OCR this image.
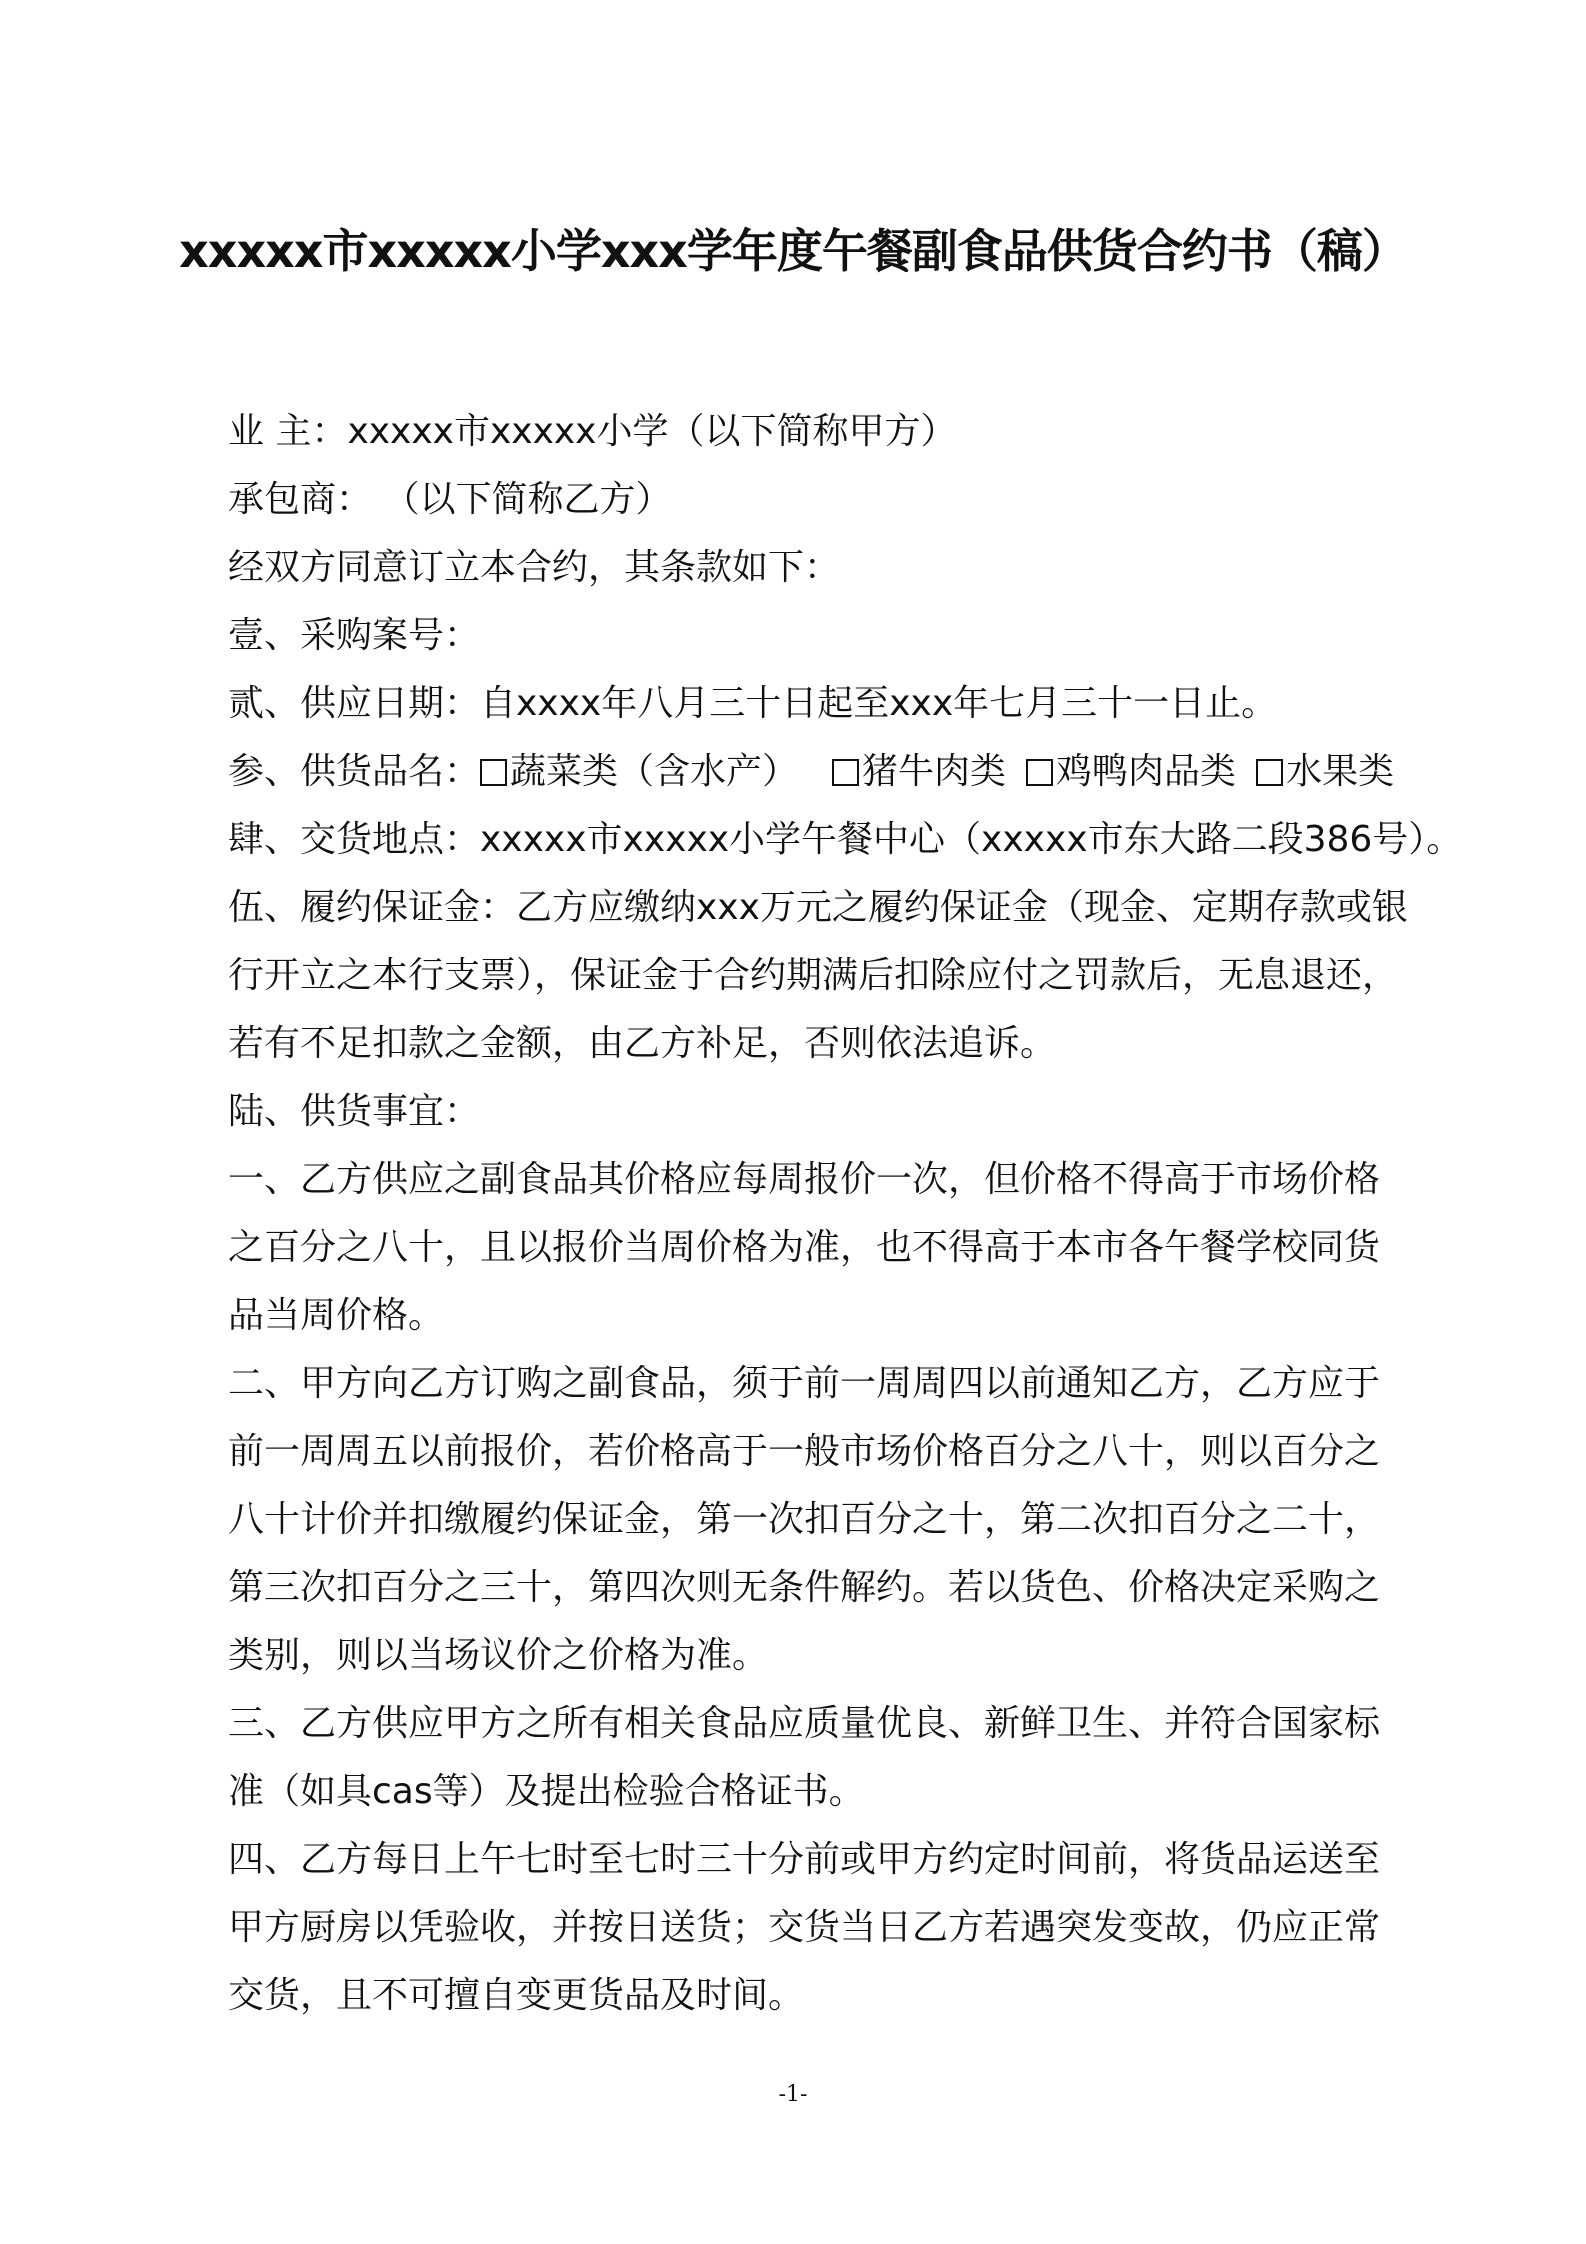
xxxxx市xxxxx小学xxx学年度午餐副食品供货合约书（稿）
业 主：xxxxx市xxxxx小学（以下简称甲方）
承包商： （以下简称乙方）
经双方同意订立本合约，其条款如下：
壹、采购案号：
贰、供应日期：自xxxx年八月三十日起至xxx年七月三十一日止。
参、供货品名： 蔬菜类（含水产） 猪牛肉类 鸡鸭肉品类 水果类
肆、交货地点：xxxxx市xxxxx小学午餐中心（xxxxx市东大路二段386号）。
伍、履约保证金：乙方应缴纳xxx万元之履约保证金（现金、定期存款或银
行开立之本行支票），保证金于合约期满后扣除应付之罚款后，无息退还，
若有不足扣款之金额，由乙方补足，否则依法追诉。
陆、供货事宜：
一、乙方供应之副食品其价格应每周报价一次，但价格不得高于市场价格
之百分之八十，且以报价当周价格为准，也不得高于本市各午餐学校同货
品当周价格。
二、甲方向乙方订购之副食品，须于前一周周四以前通知乙方，乙方应于
前一周周五以前报价，若价格高于一般市场价格百分之八十，则以百分之
八十计价并扣缴履约保证金，第一次扣百分之十，第二次扣百分之二十，
第三次扣百分之三十，第四次则无条件解约。若以货色、价格决定采购之
类别，则以当场议价之价格为准。
三、乙方供应甲方之所有相关食品应质量优良、新鲜卫生、并符合国家标
准（如具cas等）及提出检验合格证书。
四、乙方每日上午七时至七时三十分前或甲方约定时间前，将货品运送至
甲方厨房以凭验收，并按日送货；交货当日乙方若遇突发变故，仍应正常
交货，且不可擅自变更货品及时间。
-1-
